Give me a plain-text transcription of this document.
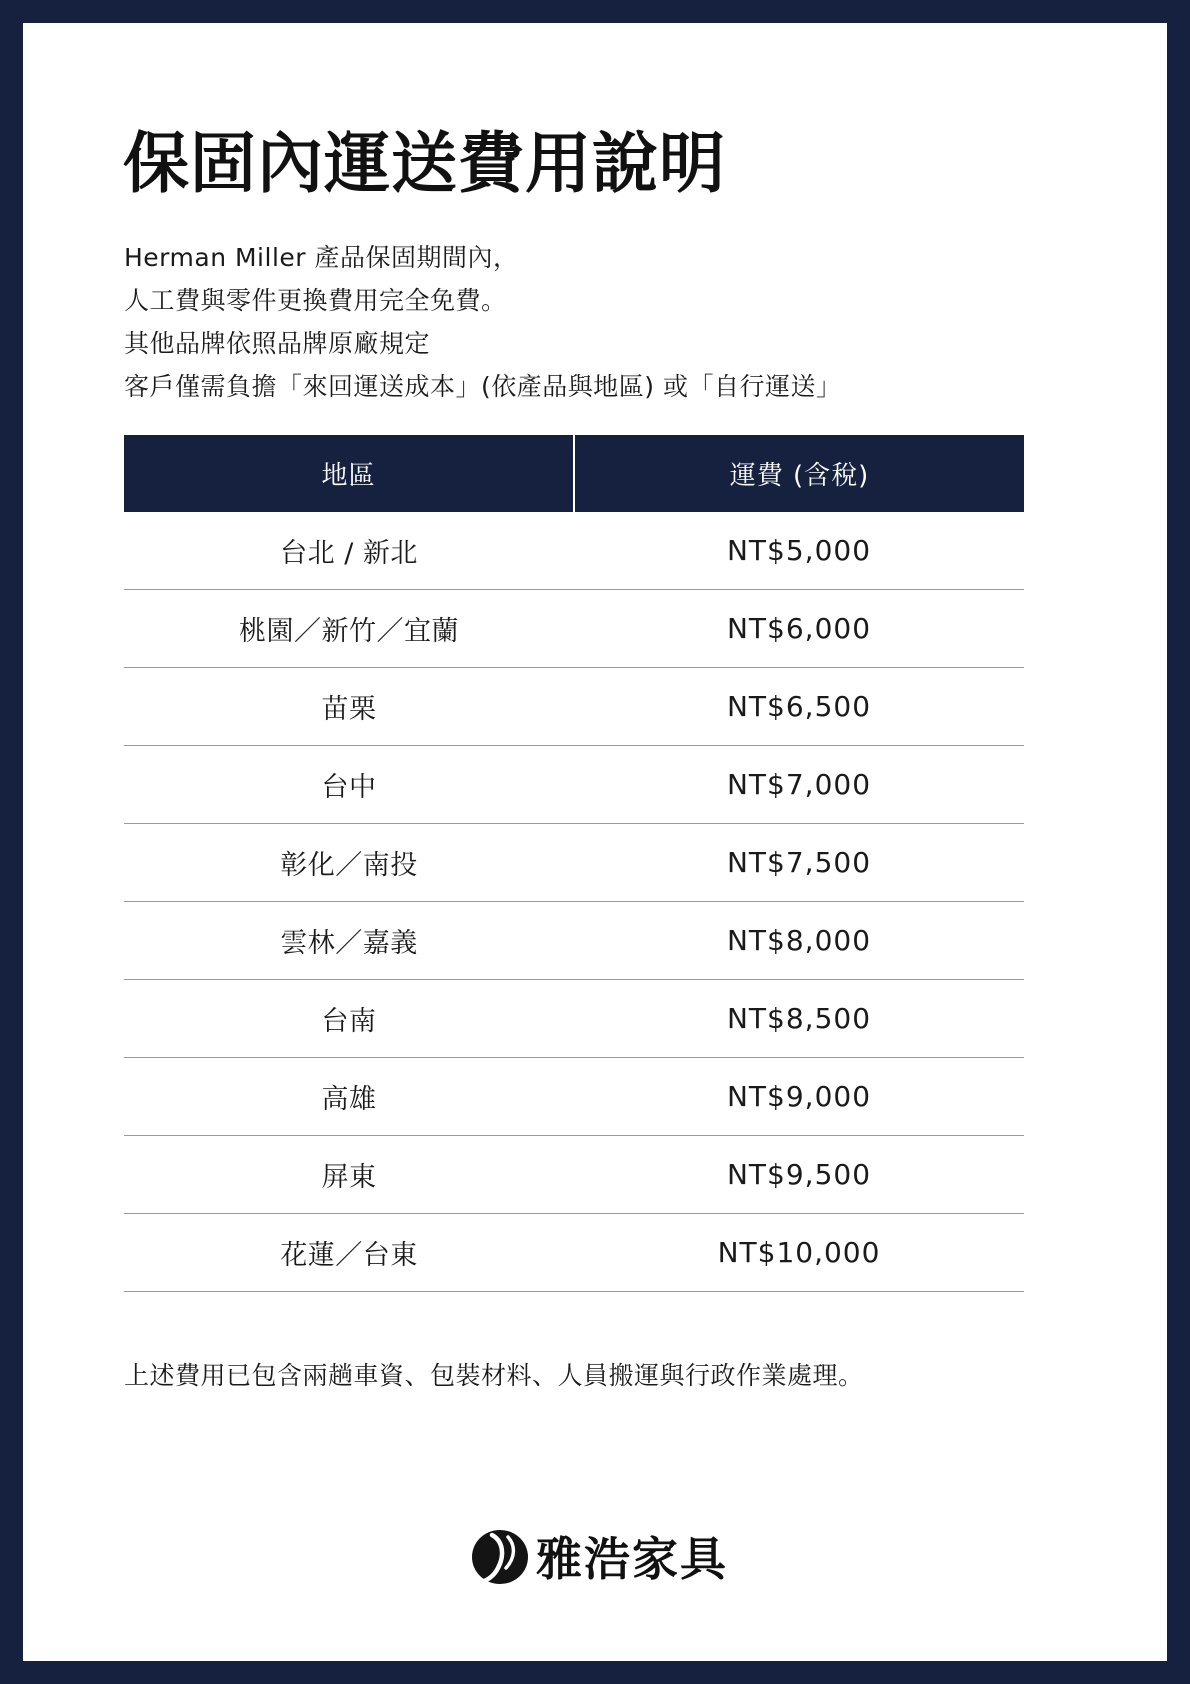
保固內運送費用說明
Herman Miller 產品保固期間內，
人工費與零件更換費用完全免費。
其他品牌依照品牌原廠規定
客戶僅需負擔「來回運送成本」(依產品與地區) 或「自行運送」
地區	運費 (含稅)
台北 / 新北	NT$5,000
桃園／新竹／宜蘭	NT$6,000
苗栗	NT$6,500
台中	NT$7,000
彰化／南投	NT$7,500
雲林／嘉義	NT$8,000
台南	NT$8,500
高雄	NT$9,000
屏東	NT$9,500
花蓮／台東	NT$10,000
上述費用已包含兩趟車資、包裝材料、人員搬運與行政作業處理。
雅浩家具
